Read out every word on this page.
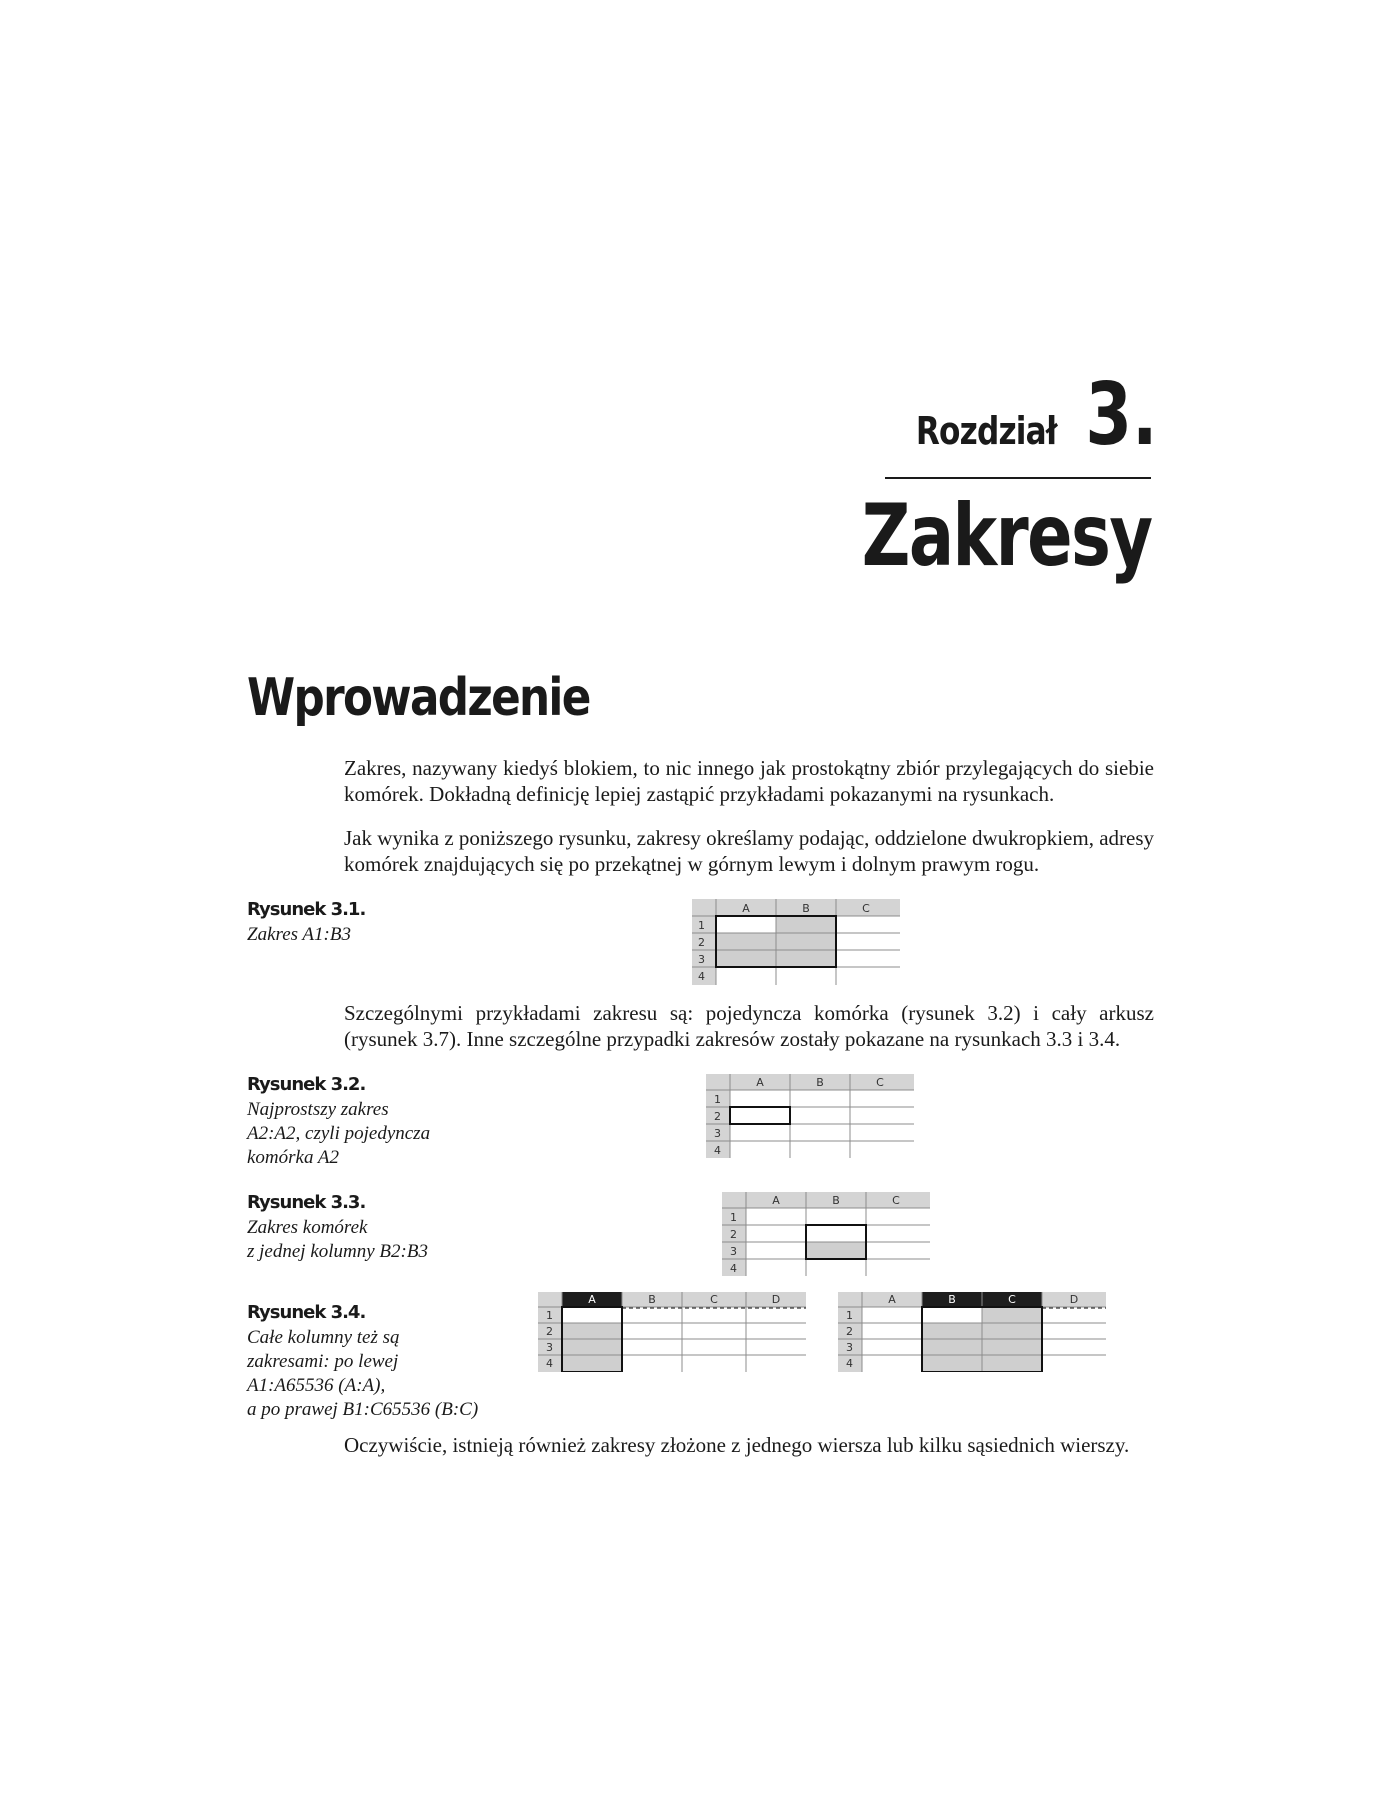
Rozdział 3.
Zakresy
Wprowadzenie

Zakres, nazywany kiedyś blokiem, to nic innego jak prostokątny zbiór przylegających do siebie komórek. Dokładną definicję lepiej zastąpić przykładami pokazanymi na rysunkach.

Jak wynika z poniższego rysunku, zakresy określamy podając, oddzielone dwukropkiem, adresy komórek znajdujących się po przekątnej w górnym lewym i dolnym prawym rogu.

Rysunek 3.1.
Zakres A1:B3
A	B	C
1
2
3
4

Szczególnymi przykładami zakresu są: pojedyncza komórka (rysunek 3.2) i cały arkusz (rysunek 3.7). Inne szczególne przypadki zakresów zostały pokazane na rysunkach 3.3 i 3.4.

Rysunek 3.2.
Najprostszy zakres
A2:A2, czyli pojedyncza
komórka A2
A	B	C
1
2
3
4
Rysunek 3.3.
Zakres komórek
z jednej kolumny B2:B3
A	B	C
1
2
3
4
Rysunek 3.4.
Całe kolumny też są
zakresami: po lewej
A1:A65536 (A:A),
a po prawej B1:C65536 (B:C)
A	B	C	D
1
2
3
4
A	B	C	D
1
2
3
4

Oczywiście, istnieją również zakresy złożone z jednego wiersza lub kilku sąsiednich wierszy.
